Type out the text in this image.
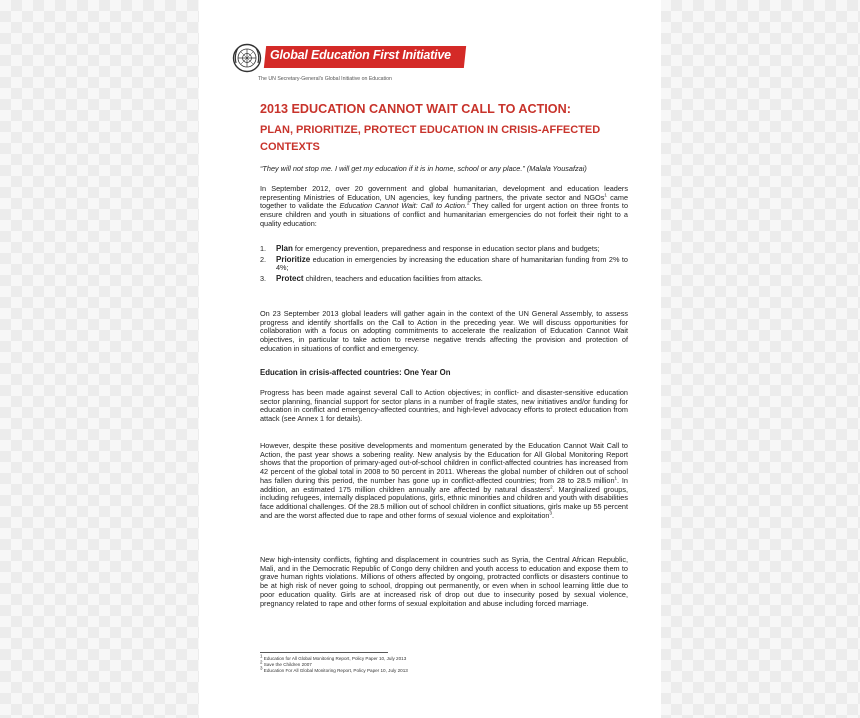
Global Education First Initiative
The UN Secretary-General's Global Initiative on Education
2013 EDUCATION CANNOT WAIT CALL TO ACTION:
PLAN, PRIORITIZE, PROTECT EDUCATION IN CRISIS-AFFECTED CONTEXTS
“They will not stop me. I will get my education if it is in home, school or any place.” (Malala Yousafzai)
In September 2012, over 20 government and global humanitarian, development and education leaders representing Ministries of Education, UN agencies, key funding partners, the private sector and NGOs$^1$ came together to validate the Education Cannot Wait: Call to Action.$^2$ They called for urgent action on three fronts to ensure children and youth in situations of conflict and humanitarian emergencies do not forfeit their right to a quality education:
1. Plan for emergency prevention, preparedness and response in education sector plans and budgets;
2. Prioritize education in emergencies by increasing the education share of humanitarian funding from 2% to 4%;
3. Protect children, teachers and education facilities from attacks.
On 23 September 2013 global leaders will gather again in the context of the UN General Assembly, to assess progress and identify shortfalls on the Call to Action in the preceding year. We will discuss opportunities for collaboration with a focus on adopting commitments to accelerate the realization of Education Cannot Wait objectives, in particular to take action to reverse negative trends affecting the provision and protection of education in situations of conflict and emergency.
Education in crisis-affected countries: One Year On
Progress has been made against several Call to Action objectives; in conflict- and disaster-sensitive education sector planning, financial support for sector plans in a number of fragile states, new initiatives and/or funding for education in conflict and emergency-affected countries, and high-level advocacy efforts to protect education from attack (see Annex 1 for details).
However, despite these positive developments and momentum generated by the Education Cannot Wait Call to Action, the past year shows a sobering reality. New analysis by the Education for All Global Monitoring Report shows that the proportion of primary-aged out-of-school children in conflict-affected countries has increased from 42 percent of the global total in 2008 to 50 percent in 2011. Whereas the global number of children out of school has fallen during this period, the number has gone up in conflict-affected countries; from 28 to 28.5 million$^1$. In addition, an estimated 175 million children annually are affected by natural disasters$^2$. Marginalized groups, including refugees, internally displaced populations, girls, ethnic minorities and children and youth with disabilities face additional challenges. Of the 28.5 million out of school children in conflict situations, girls make up 55 percent and are the worst affected due to rape and other forms of sexual violence and exploitation$^3$.
New high-intensity conflicts, fighting and displacement in countries such as Syria, the Central African Republic, Mali, and in the Democratic Republic of Congo deny children and youth access to education and expose them to grave human rights violations. Millions of others affected by ongoing, protracted conflicts or disasters continue to be at high risk of never going to school, dropping out permanently, or even when in school learning little due to poor education quality. Girls are at increased risk of drop out due to insecurity posed by sexual violence, pregnancy related to rape and other forms of sexual exploitation and abuse including forced marriage.
$^1$ Education for All Global Monitoring Report, Policy Paper 10, July 2013
$^2$ Save the Children 2007
$^3$ Education For All Global Monitoring Report, Policy Paper 10, July 2013
